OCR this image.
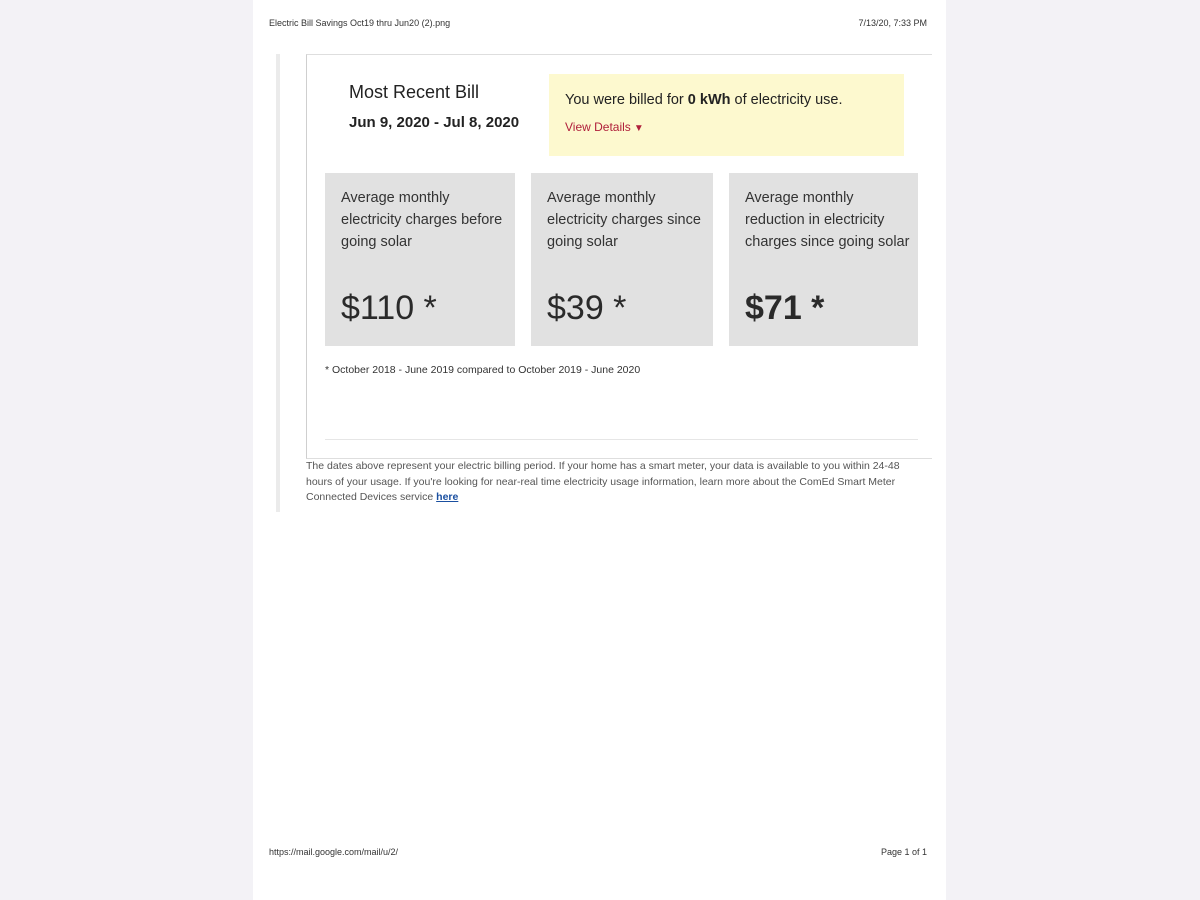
Electric Bill Savings Oct19 thru Jun20 (2).png	7/13/20, 7:33 PM
Most Recent Bill
Jun 9, 2020 - Jul 8, 2020
You were billed for 0 kWh of electricity use.
View Details ▼
Average monthly electricity charges before going solar
$110 *
Average monthly electricity charges since going solar
$39 *
Average monthly reduction in electricity charges since going solar
$71 *
* October 2018 - June 2019 compared to October 2019 - June 2020
The dates above represent your electric billing period. If your home has a smart meter, your data is available to you within 24-48 hours of your usage. If you're looking for near-real time electricity usage information, learn more about the ComEd Smart Meter Connected Devices service here
https://mail.google.com/mail/u/2/	Page 1 of 1
